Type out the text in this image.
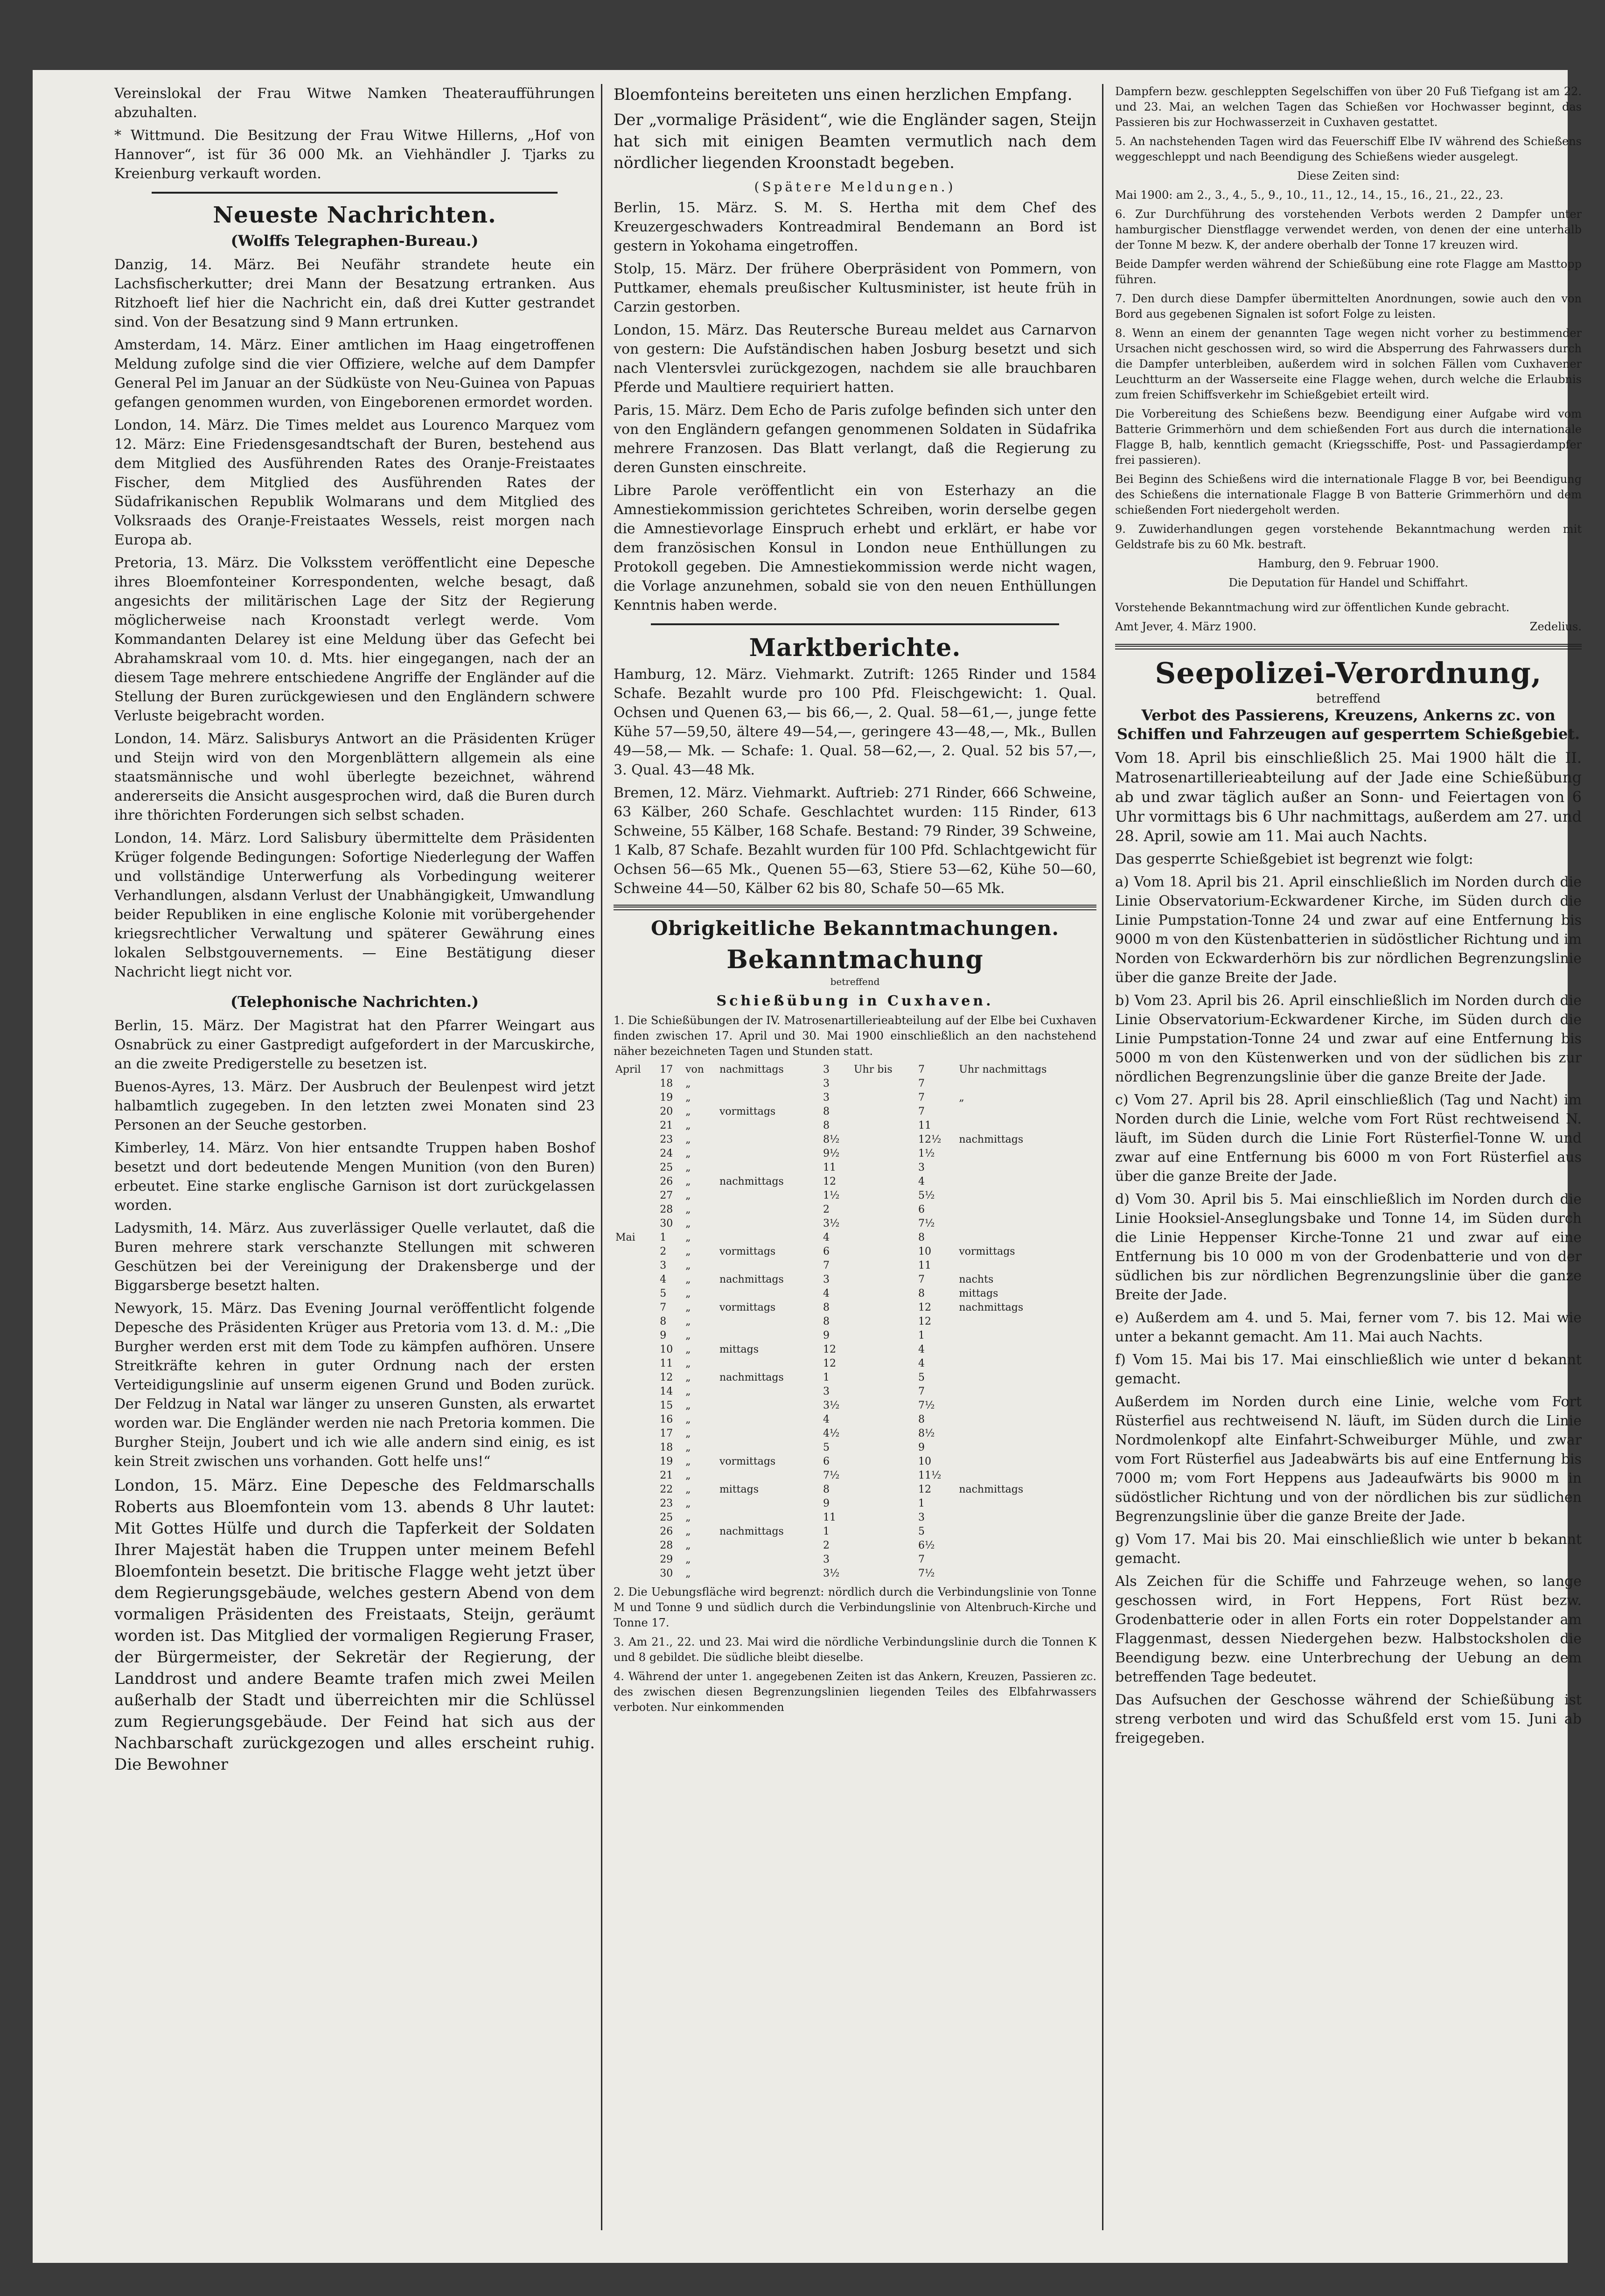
Vereinslokal der Frau Witwe Namken Theateraufführungen abzuhalten.

* Wittmund. Die Besitzung der Frau Witwe Hillerns, „Hof von Hannover“, ist für 36 000 Mk. an Viehhändler J. Tjarks zu Kreienburg verkauft worden.

Neueste Nachrichten.
(Wolffs Telegraphen-Bureau.)

Danzig, 14. März. Bei Neufähr strandete heute ein Lachsfischerkutter; drei Mann der Besatzung ertranken. Aus Ritzhoeft lief hier die Nachricht ein, daß drei Kutter gestrandet sind. Von der Besatzung sind 9 Mann ertrunken.

Amsterdam, 14. März. Einer amtlichen im Haag eingetroffenen Meldung zufolge sind die vier Offiziere, welche auf dem Dampfer General Pel im Januar an der Südküste von Neu-Guinea von Papuas gefangen genommen wurden, von Eingeborenen ermordet worden.

London, 14. März. Die Times meldet aus Lourenco Marquez vom 12. März: Eine Friedensgesandtschaft der Buren, bestehend aus dem Mitglied des Ausführenden Rates des Oranje-Freistaates Fischer, dem Mitglied des Ausführenden Rates der Südafrikanischen Republik Wolmarans und dem Mitglied des Volksraads des Oranje-Freistaates Wessels, reist morgen nach Europa ab.

Pretoria, 13. März. Die Volksstem veröffentlicht eine Depesche ihres Bloemfonteiner Korrespondenten, welche besagt, daß angesichts der militärischen Lage der Sitz der Regierung möglicherweise nach Kroonstadt verlegt werde. Vom Kommandanten Delarey ist eine Meldung über das Gefecht bei Abrahamskraal vom 10. d. Mts. hier eingegangen, nach der an diesem Tage mehrere entschiedene Angriffe der Engländer auf die Stellung der Buren zurückgewiesen und den Engländern schwere Verluste beigebracht worden.

London, 14. März. Salisburys Antwort an die Präsidenten Krüger und Steijn wird von den Morgenblättern allgemein als eine staatsmännische und wohl überlegte bezeichnet, während andererseits die Ansicht ausgesprochen wird, daß die Buren durch ihre thörichten Forderungen sich selbst schaden.

London, 14. März. Lord Salisbury übermittelte dem Präsidenten Krüger folgende Bedingungen: Sofortige Niederlegung der Waffen und vollständige Unterwerfung als Vorbedingung weiterer Verhandlungen, alsdann Verlust der Unabhängigkeit, Umwandlung beider Republiken in eine englische Kolonie mit vorübergehender kriegsrechtlicher Verwaltung und späterer Gewährung eines lokalen Selbstgouvernements. — Eine Bestätigung dieser Nachricht liegt nicht vor.

(Telephonische Nachrichten.)

Berlin, 15. März. Der Magistrat hat den Pfarrer Weingart aus Osnabrück zu einer Gastpredigt aufgefordert in der Marcuskirche, an die zweite Predigerstelle zu besetzen ist.

Buenos-Ayres, 13. März. Der Ausbruch der Beulenpest wird jetzt halbamtlich zugegeben. In den letzten zwei Monaten sind 23 Personen an der Seuche gestorben.

Kimberley, 14. März. Von hier entsandte Truppen haben Boshof besetzt und dort bedeutende Mengen Munition (von den Buren) erbeutet. Eine starke englische Garnison ist dort zurückgelassen worden.

Ladysmith, 14. März. Aus zuverlässiger Quelle verlautet, daß die Buren mehrere stark verschanzte Stellungen mit schweren Geschützen bei der Vereinigung der Drakensberge und der Biggarsberge besetzt halten.

Newyork, 15. März. Das Evening Journal veröffentlicht folgende Depesche des Präsidenten Krüger aus Pretoria vom 13. d. M.: „Die Burgher werden erst mit dem Tode zu kämpfen aufhören. Unsere Streitkräfte kehren in guter Ordnung nach der ersten Verteidigungslinie auf unserm eigenen Grund und Boden zurück. Der Feldzug in Natal war länger zu unseren Gunsten, als erwartet worden war. Die Engländer werden nie nach Pretoria kommen. Die Burgher Steijn, Joubert und ich wie alle andern sind einig, es ist kein Streit zwischen uns vorhanden. Gott helfe uns!“

London, 15. März. Eine Depesche des Feldmarschalls Roberts aus Bloemfontein vom 13. abends 8 Uhr lautet: Mit Gottes Hülfe und durch die Tapferkeit der Soldaten Ihrer Majestät haben die Truppen unter meinem Befehl Bloemfontein besetzt. Die britische Flagge weht jetzt über dem Regierungsgebäude, welches gestern Abend von dem vormaligen Präsidenten des Freistaats, Steijn, geräumt worden ist. Das Mitglied der vormaligen Regierung Fraser, der Bürgermeister, der Sekretär der Regierung, der Landdrost und andere Beamte trafen mich zwei Meilen außerhalb der Stadt und überreichten mir die Schlüssel zum Regierungsgebäude. Der Feind hat sich aus der Nachbarschaft zurückgezogen und alles erscheint ruhig. Die Bewohner

Bloemfonteins bereiteten uns einen herzlichen Empfang.

Der „vormalige Präsident“, wie die Engländer sagen, Steijn hat sich mit einigen Beamten vermutlich nach dem nördlicher liegenden Kroonstadt begeben.

(Spätere Meldungen.)

Berlin, 15. März. S. M. S. Hertha mit dem Chef des Kreuzergeschwaders Kontreadmiral Bendemann an Bord ist gestern in Yokohama eingetroffen.

Stolp, 15. März. Der frühere Oberpräsident von Pommern, von Puttkamer, ehemals preußischer Kultusminister, ist heute früh in Carzin gestorben.

London, 15. März. Das Reutersche Bureau meldet aus Carnarvon von gestern: Die Aufständischen haben Josburg besetzt und sich nach Vlentersvlei zurückgezogen, nachdem sie alle brauchbaren Pferde und Maultiere requiriert hatten.

Paris, 15. März. Dem Echo de Paris zufolge befinden sich unter den von den Engländern gefangen genommenen Soldaten in Südafrika mehrere Franzosen. Das Blatt verlangt, daß die Regierung zu deren Gunsten einschreite.

Libre Parole veröffentlicht ein von Esterhazy an die Amnestiekommission gerichtetes Schreiben, worin derselbe gegen die Amnestievorlage Einspruch erhebt und erklärt, er habe vor dem französischen Konsul in London neue Enthüllungen zu Protokoll gegeben. Die Amnestiekommission werde nicht wagen, die Vorlage anzunehmen, sobald sie von den neuen Enthüllungen Kenntnis haben werde.

Marktberichte.

Hamburg, 12. März. Viehmarkt. Zutrift: 1265 Rinder und 1584 Schafe. Bezahlt wurde pro 100 Pfd. Fleischgewicht: 1. Qual. Ochsen und Quenen 63,— bis 66,—, 2. Qual. 58—61,—, junge fette Kühe 57—59,50, ältere 49—54,—, geringere 43—48,—, Mk., Bullen 49—58,— Mk. — Schafe: 1. Qual. 58—62,—, 2. Qual. 52 bis 57,—, 3. Qual. 43—48 Mk.

Bremen, 12. März. Viehmarkt. Auftrieb: 271 Rinder, 666 Schweine, 63 Kälber, 260 Schafe. Geschlachtet wurden: 115 Rinder, 613 Schweine, 55 Kälber, 168 Schafe. Bestand: 79 Rinder, 39 Schweine, 1 Kalb, 87 Schafe. Bezahlt wurden für 100 Pfd. Schlachtgewicht für Ochsen 56—65 Mk., Quenen 55—63, Stiere 53—62, Kühe 50—60, Schweine 44—50, Kälber 62 bis 80, Schafe 50—65 Mk.

Obrigkeitliche Bekanntmachungen.
Bekanntmachung
betreffend
Schießübung in Cuxhaven.

1. Die Schießübungen der IV. Matrosenartillerieabteilung auf der Elbe bei Cuxhaven finden zwischen 17. April und 30. Mai 1900 einschließlich an den nachstehend näher bezeichneten Tagen und Stunden statt.

April	17	von	nachmittags	3	Uhr bis	7	Uhr nachmittags
	18	„		3		7	
	19	„		3		7	„
	20	„	vormittags	8		7	
	21	„		8		11	
	23	„		8½		12½	nachmittags
	24	„		9½		1½	
	25	„		11		3	
	26	„	nachmittags	12		4	
	27	„		1½		5½	
	28	„		2		6	
	30	„		3½		7½	
Mai	1	„		4		8	
	2	„	vormittags	6		10	vormittags
	3	„		7		11	
	4	„	nachmittags	3		7	nachts
	5	„		4		8	mittags
	7	„	vormittags	8		12	nachmittags
	8	„		8		12	
	9	„		9		1	
	10	„	mittags	12		4	
	11	„		12		4	
	12	„	nachmittags	1		5	
	14	„		3		7	
	15	„		3½		7½	
	16	„		4		8	
	17	„		4½		8½	
	18	„		5		9	
	19	„	vormittags	6		10	
	21	„		7½		11½	
	22	„	mittags	8		12	nachmittags
	23	„		9		1	
	25	„		11		3	
	26	„	nachmittags	1		5	
	28	„		2		6½	
	29	„		3		7	
	30	„		3½		7½	

2. Die Uebungsfläche wird begrenzt: nördlich durch die Verbindungslinie von Tonne M und Tonne 9 und südlich durch die Verbindungslinie von Altenbruch-Kirche und Tonne 17.

3. Am 21., 22. und 23. Mai wird die nördliche Verbindungslinie durch die Tonnen K und 8 gebildet. Die südliche bleibt dieselbe.

4. Während der unter 1. angegebenen Zeiten ist das Ankern, Kreuzen, Passieren zc. des zwischen diesen Begrenzungslinien liegenden Teiles des Elbfahrwassers verboten. Nur einkommenden

Dampfern bezw. geschleppten Segelschiffen von über 20 Fuß Tiefgang ist am 22. und 23. Mai, an welchen Tagen das Schießen vor Hochwasser beginnt, das Passieren bis zur Hochwasserzeit in Cuxhaven gestattet.

5. An nachstehenden Tagen wird das Feuerschiff Elbe IV während des Schießens weggeschleppt und nach Beendigung des Schießens wieder ausgelegt.

Diese Zeiten sind:

Mai 1900: am 2., 3., 4., 5., 9., 10., 11., 12., 14., 15., 16., 21., 22., 23.

6. Zur Durchführung des vorstehenden Verbots werden 2 Dampfer unter hamburgischer Dienstflagge verwendet werden, von denen der eine unterhalb der Tonne M bezw. K, der andere oberhalb der Tonne 17 kreuzen wird.

Beide Dampfer werden während der Schießübung eine rote Flagge am Masttopp führen.

7. Den durch diese Dampfer übermittelten Anordnungen, sowie auch den von Bord aus gegebenen Signalen ist sofort Folge zu leisten.

8. Wenn an einem der genannten Tage wegen nicht vorher zu bestimmender Ursachen nicht geschossen wird, so wird die Absperrung des Fahrwassers durch die Dampfer unterbleiben, außerdem wird in solchen Fällen vom Cuxhavener Leuchtturm an der Wasserseite eine Flagge wehen, durch welche die Erlaubnis zum freien Schiffsverkehr im Schießgebiet erteilt wird.

Die Vorbereitung des Schießens bezw. Beendigung einer Aufgabe wird vom Batterie Grimmerhörn und dem schießenden Fort aus durch die internationale Flagge B, halb, kenntlich gemacht (Kriegsschiffe, Post- und Passagierdampfer frei passieren).

Bei Beginn des Schießens wird die internationale Flagge B vor, bei Beendigung des Schießens die internationale Flagge B von Batterie Grimmerhörn und dem schießenden Fort niedergeholt werden.

9. Zuwiderhandlungen gegen vorstehende Bekanntmachung werden mit Geldstrafe bis zu 60 Mk. bestraft.

Hamburg, den 9. Februar 1900.

Die Deputation für Handel und Schiffahrt.

Vorstehende Bekanntmachung wird zur öffentlichen Kunde gebracht.

Amt Jever, 4. März 1900.	Zedelius.

Seepolizei-Verordnung,
betreffend
Verbot des Passierens, Kreuzens, Ankerns zc. von Schiffen und Fahrzeugen auf gesperrtem Schießgebiet.

Vom 18. April bis einschließlich 25. Mai 1900 hält die II. Matrosenartillerieabteilung auf der Jade eine Schießübung ab und zwar täglich außer an Sonn- und Feiertagen von 6 Uhr vormittags bis 6 Uhr nachmittags, außerdem am 27. und 28. April, sowie am 11. Mai auch Nachts.

Das gesperrte Schießgebiet ist begrenzt wie folgt:

a) Vom 18. April bis 21. April einschließlich im Norden durch die Linie Observatorium-Eckwardener Kirche, im Süden durch die Linie Pumpstation-Tonne 24 und zwar auf eine Entfernung bis 9000 m von den Küstenbatterien in südöstlicher Richtung und im Norden von Eckwarderhörn bis zur nördlichen Begrenzungslinie über die ganze Breite der Jade.

b) Vom 23. April bis 26. April einschließlich im Norden durch die Linie Observatorium-Eckwardener Kirche, im Süden durch die Linie Pumpstation-Tonne 24 und zwar auf eine Entfernung bis 5000 m von den Küstenwerken und von der südlichen bis zur nördlichen Begrenzungslinie über die ganze Breite der Jade.

c) Vom 27. April bis 28. April einschließlich (Tag und Nacht) im Norden durch die Linie, welche vom Fort Rüst rechtweisend N. läuft, im Süden durch die Linie Fort Rüsterfiel-Tonne W. und zwar auf eine Entfernung bis 6000 m von Fort Rüsterfiel aus über die ganze Breite der Jade.

d) Vom 30. April bis 5. Mai einschließlich im Norden durch die Linie Hooksiel-Anseglungsbake und Tonne 14, im Süden durch die Linie Heppenser Kirche-Tonne 21 und zwar auf eine Entfernung bis 10 000 m von der Grodenbatterie und von der südlichen bis zur nördlichen Begrenzungslinie über die ganze Breite der Jade.

e) Außerdem am 4. und 5. Mai, ferner vom 7. bis 12. Mai wie unter a bekannt gemacht. Am 11. Mai auch Nachts.

f) Vom 15. Mai bis 17. Mai einschließlich wie unter d bekannt gemacht.

Außerdem im Norden durch eine Linie, welche vom Fort Rüsterfiel aus rechtweisend N. läuft, im Süden durch die Linie Nordmolenkopf alte Einfahrt-Schweiburger Mühle, und zwar vom Fort Rüsterfiel aus Jadeabwärts bis auf eine Entfernung bis 7000 m; vom Fort Heppens aus Jadeaufwärts bis 9000 m in südöstlicher Richtung und von der nördlichen bis zur südlichen Begrenzungslinie über die ganze Breite der Jade.

g) Vom 17. Mai bis 20. Mai einschließlich wie unter b bekannt gemacht.

Als Zeichen für die Schiffe und Fahrzeuge wehen, so lange geschossen wird, in Fort Heppens, Fort Rüst bezw. Grodenbatterie oder in allen Forts ein roter Doppelstander am Flaggenmast, dessen Niedergehen bezw. Halbstocksholen die Beendigung bezw. eine Unterbrechung der Uebung an dem betreffenden Tage bedeutet.

Das Aufsuchen der Geschosse während der Schießübung ist streng verboten und wird das Schußfeld erst vom 15. Juni ab freigegeben.
